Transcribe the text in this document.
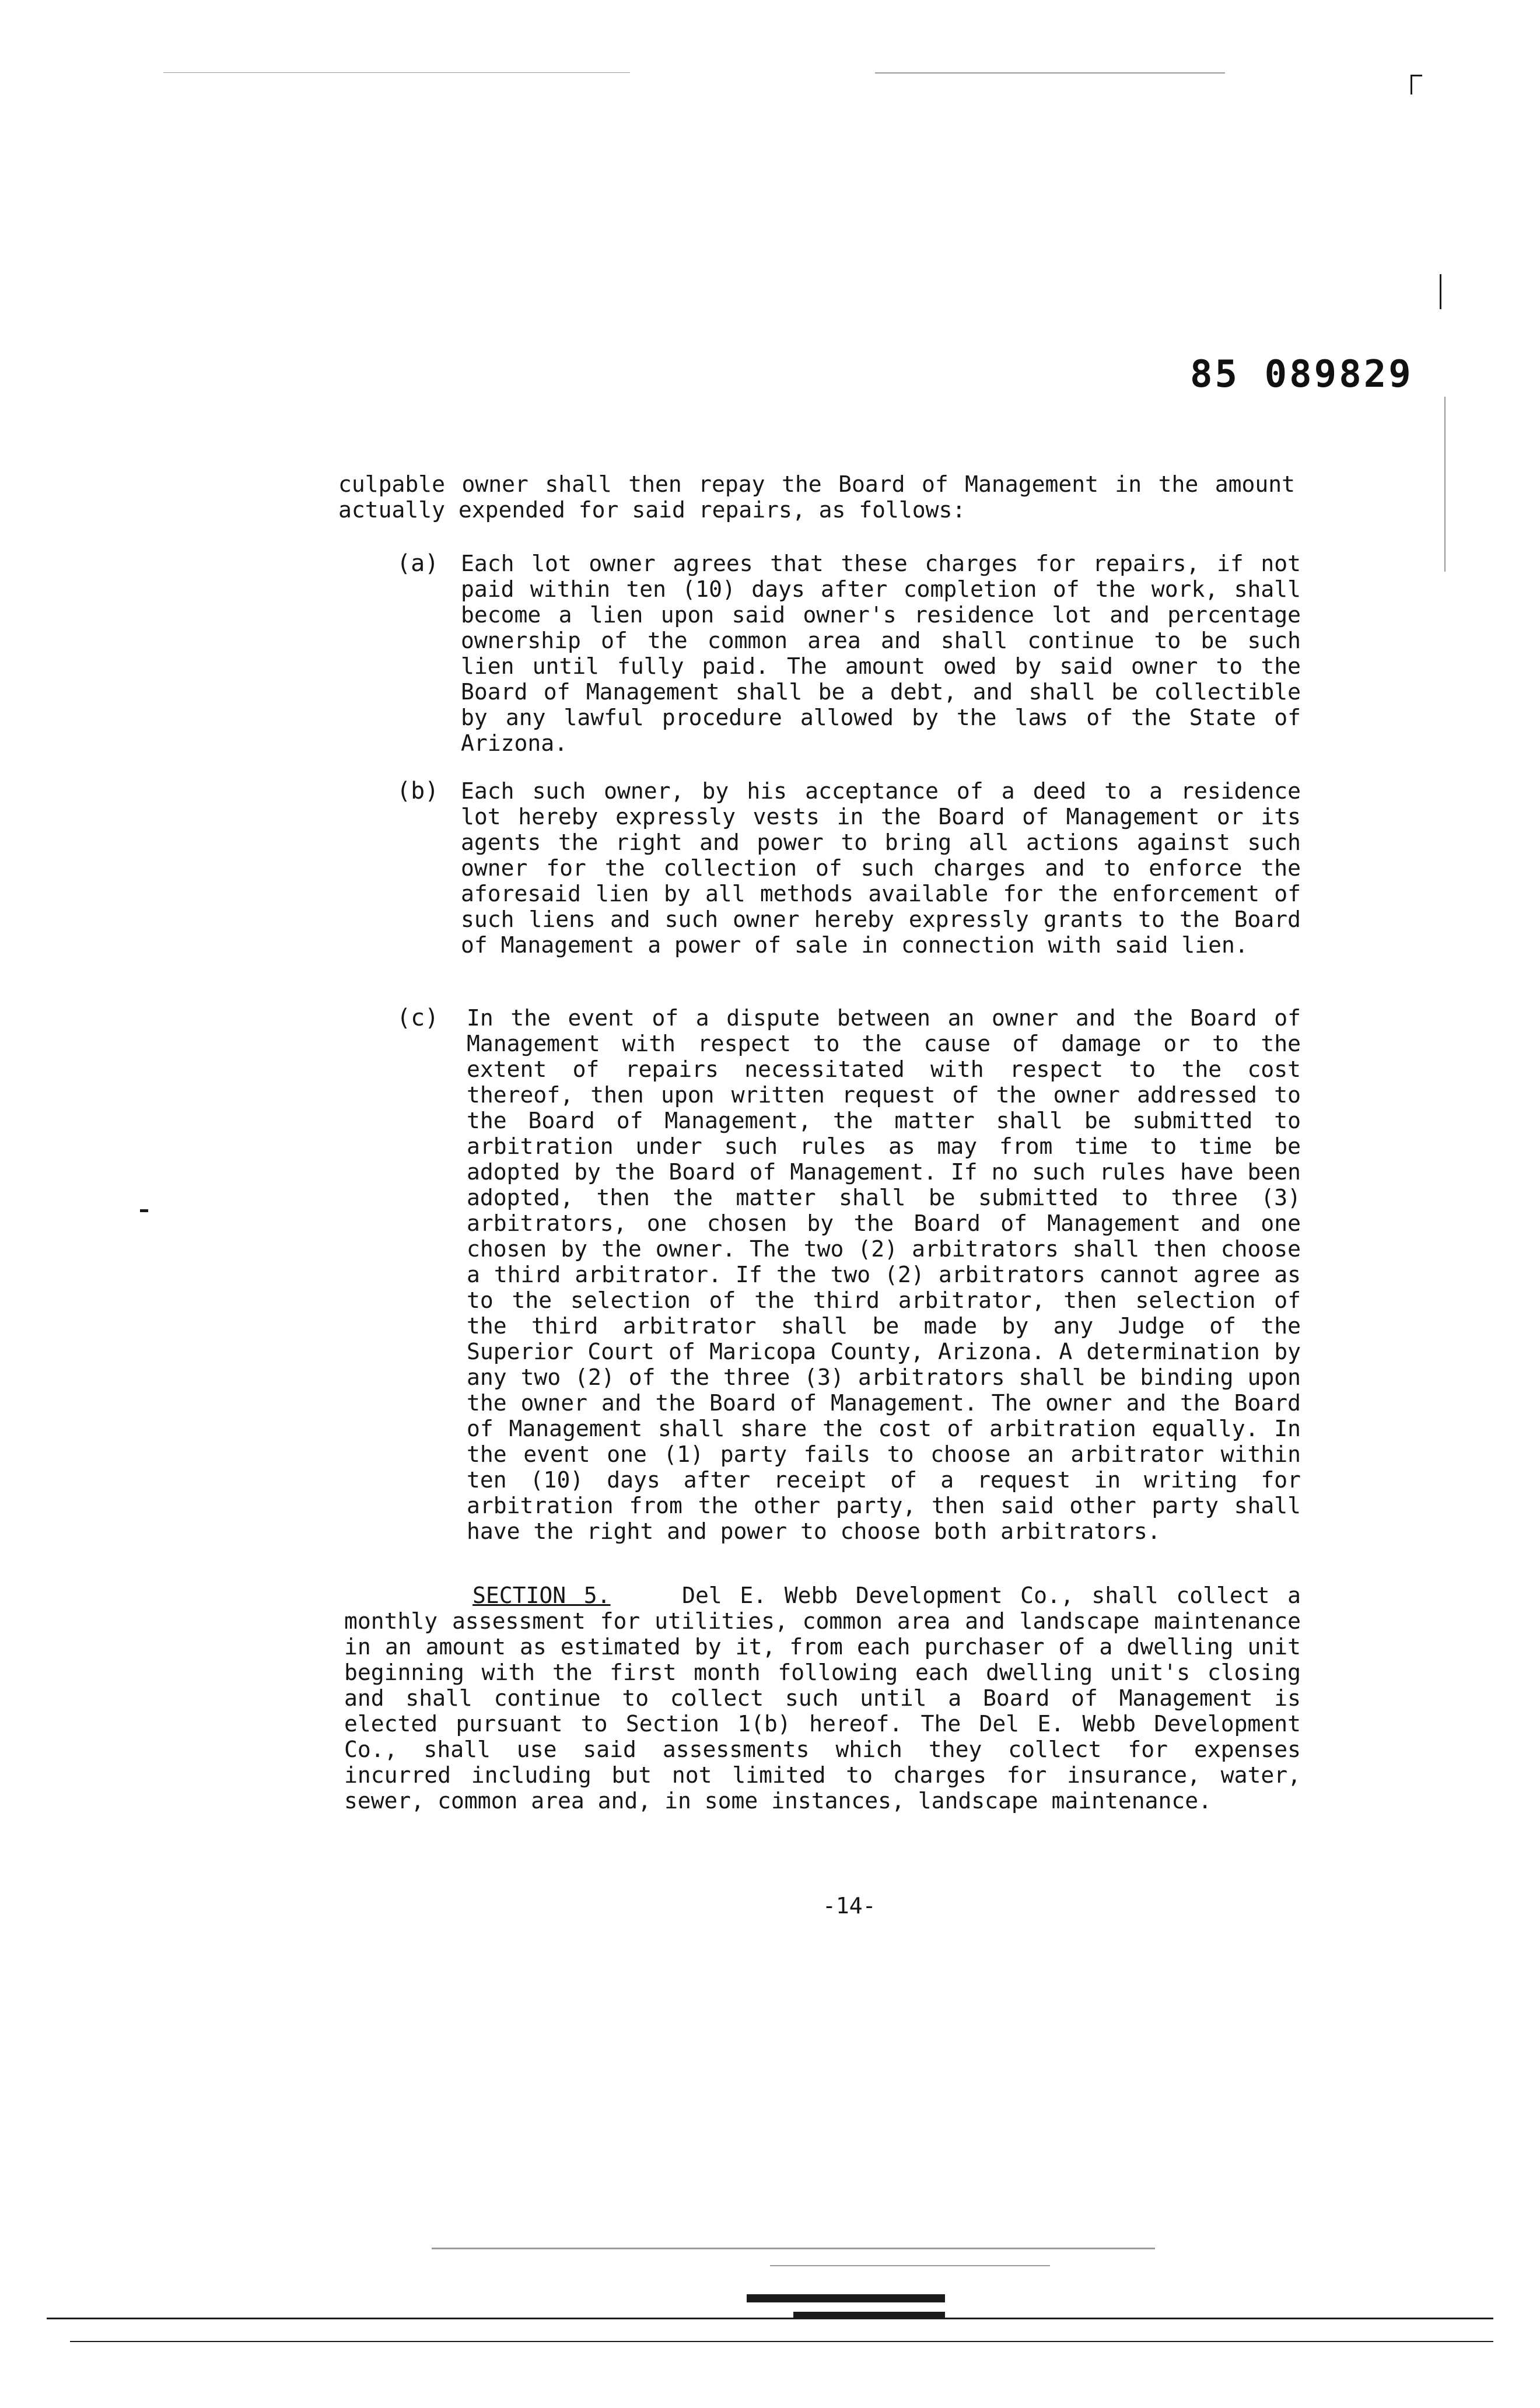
85 089829

culpable owner shall then repay the Board of Management in the amount actually expended for said repairs, as follows:

(a) Each lot owner agrees that these charges for repairs, if not paid within ten (10) days after completion of the work, shall become a lien upon said owner's residence lot and percentage ownership of the common area and shall continue to be such lien until fully paid. The amount owed by said owner to the Board of Management shall be a debt, and shall be collectible by any lawful procedure allowed by the laws of the State of Arizona.

(b) Each such owner, by his acceptance of a deed to a residence lot hereby expressly vests in the Board of Management or its agents the right and power to bring all actions against such owner for the collection of such charges and to enforce the aforesaid lien by all methods available for the enforcement of such liens and such owner hereby expressly grants to the Board of Management a power of sale in connection with said lien.

(c) In the event of a dispute between an owner and the Board of Management with respect to the cause of damage or to the extent of repairs necessitated with respect to the cost thereof, then upon written request of the owner addressed to the Board of Management, the matter shall be submitted to arbitration under such rules as may from time to time be adopted by the Board of Management. If no such rules have been adopted, then the matter shall be submitted to three (3) arbitrators, one chosen by the Board of Management and one chosen by the owner. The two (2) arbitrators shall then choose a third arbitrator. If the two (2) arbitrators cannot agree as to the selection of the third arbitrator, then selection of the third arbitrator shall be made by any Judge of the Superior Court of Maricopa County, Arizona. A determination by any two (2) of the three (3) arbitrators shall be binding upon the owner and the Board of Management. The owner and the Board of Management shall share the cost of arbitration equally. In the event one (1) party fails to choose an arbitrator within ten (10) days after receipt of a request in writing for arbitration from the other party, then said other party shall have the right and power to choose both arbitrators.

SECTION 5.	Del E. Webb Development Co., shall collect a monthly assessment for utilities, common area and landscape maintenance in an amount as estimated by it, from each purchaser of a dwelling unit beginning with the first month following each dwelling unit's closing and shall continue to collect such until a Board of Management is elected pursuant to Section 1(b) hereof. The Del E. Webb Development Co., shall use said assessments which they collect for expenses incurred including but not limited to charges for insurance, water, sewer, common area and, in some instances, landscape maintenance.

-14-
